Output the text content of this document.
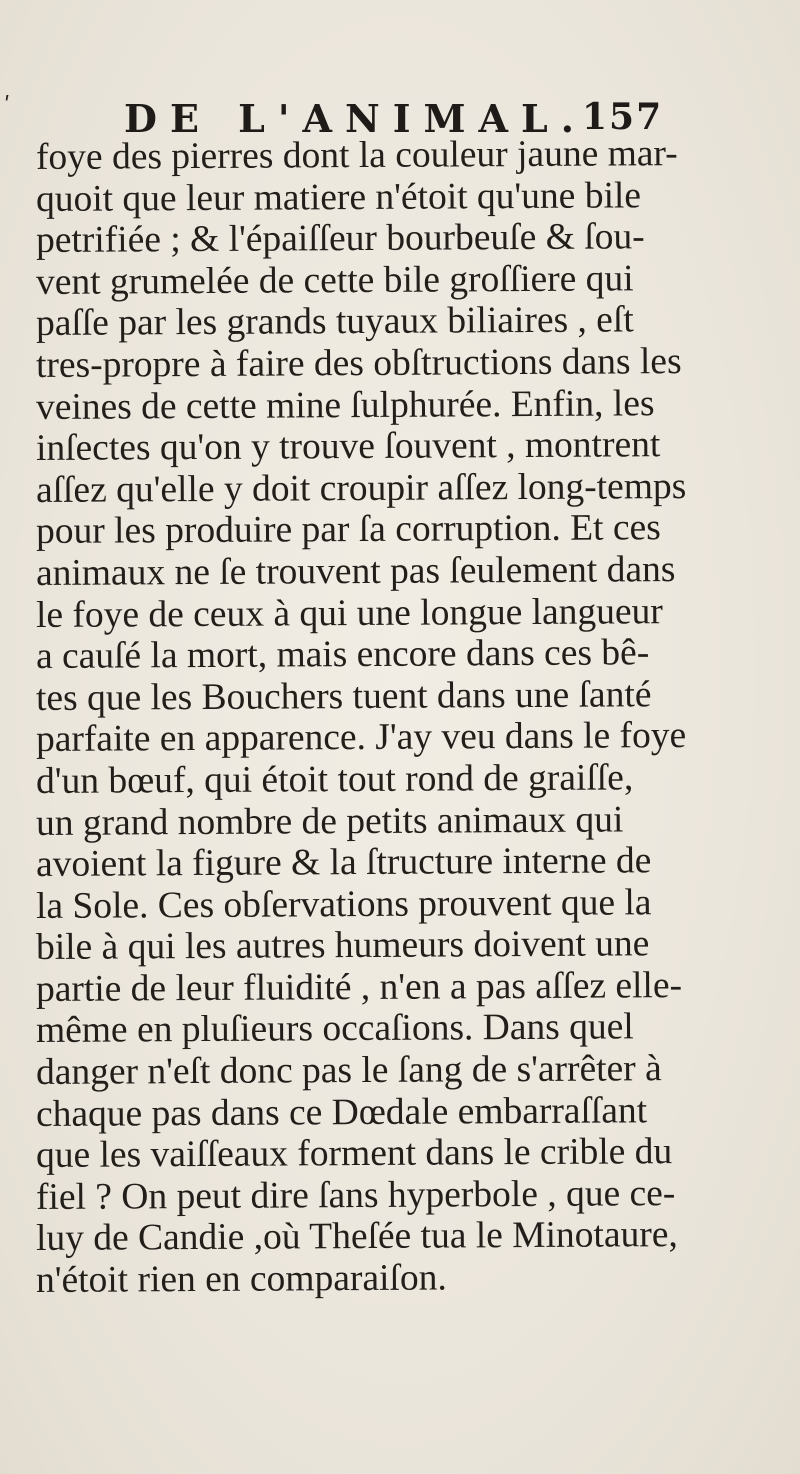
ʹ	DE L'ANIMAL.
157
foye des pierres dont la couleur jaune mar-
quoit que leur matiere n'étoit qu'une bile
petrifiée ; & l'épaiſſeur bourbeuſe & ſou-
vent grumelée de cette bile groſſiere qui
paſſe par les grands tuyaux biliaires , eſt
tres-propre à faire des obſtructions dans les
veines de cette mine ſulphurée. Enfin, les
inſectes qu'on y trouve ſouvent , montrent
aſſez qu'elle y doit croupir aſſez long-temps
pour les produire par ſa corruption. Et ces
animaux ne ſe trouvent pas ſeulement dans
le foye de ceux à qui une longue langueur
a cauſé la mort, mais encore dans ces bê-
tes que les Bouchers tuent dans une ſanté
parfaite en apparence. J'ay veu dans le foye
d'un bœuf, qui étoit tout rond de graiſſe,
un grand nombre de petits animaux qui
avoient la figure & la ſtructure interne de
la Sole. Ces obſervations prouvent que la
bile à qui les autres humeurs doivent une
partie de leur fluidité , n'en a pas aſſez elle-
même en pluſieurs occaſions. Dans quel
danger n'eſt donc pas le ſang de s'arrêter à
chaque pas dans ce Dœdale embarraſſant
que les vaiſſeaux forment dans le crible du
fiel ? On peut dire ſans hyperbole , que ce-
luy de Candie ,où Theſée tua le Minotaure,
n'étoit rien en comparaiſon.
